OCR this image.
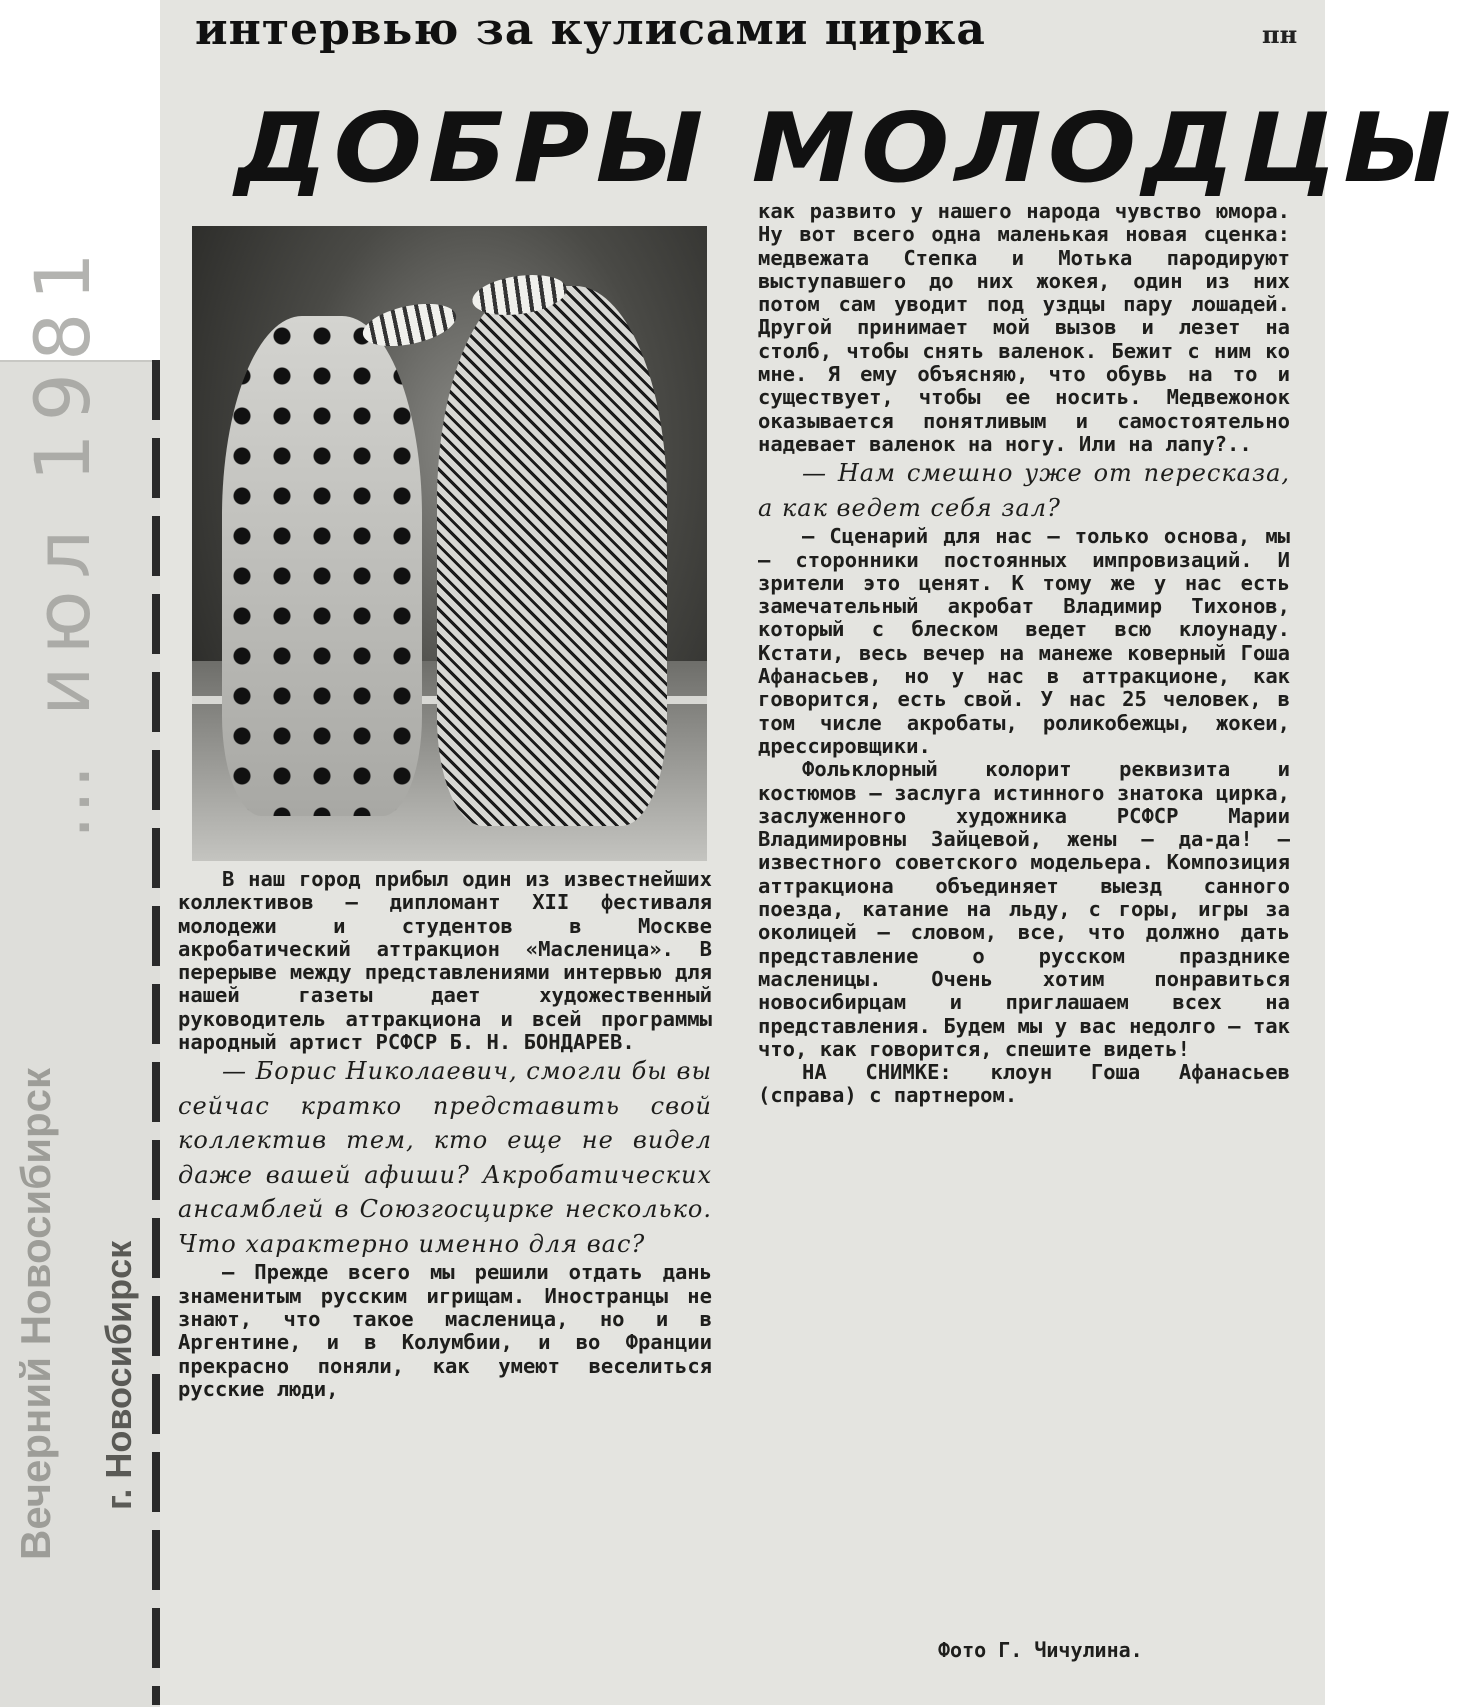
… июл 1981
Вечерний Новосибирск г. Новосибирск
интервью за кулисами цирка	пн
ДОБРЫ МОЛОДЦЫ

В наш город прибыл один из известнейших коллективов — дипломант XII фестиваля молодежи и студентов в Москве акробатический аттракцион «Масленица». В перерыве между представлениями интервью для нашей газеты дает художественный руководитель аттракциона и всей программы народный артист РСФСР Б. Н. БОНДАРЕВ.

— Борис Николаевич, смогли бы вы сейчас кратко представить свой коллектив тем, кто еще не видел даже вашей афиши? Акробатических ансамблей в Союзгосцирке несколько. Что характерно именно для вас?

— Прежде всего мы решили отдать дань знаменитым русским игрищам. Иностранцы не знают, что такое масленица, но и в Аргентине, и в Колумбии, и во Франции прекрасно поняли, как умеют веселиться русские люди,

как развито у нашего народа чувство юмора. Ну вот всего одна маленькая новая сценка: медвежата Степка и Мотька пародируют выступавшего до них жокея, один из них потом сам уводит под уздцы пару лошадей. Другой принимает мой вызов и лезет на столб, чтобы снять валенок. Бежит с ним ко мне. Я ему объясняю, что обувь на то и существует, чтобы ее носить. Медвежонок оказывается понятливым и самостоятельно надевает валенок на ногу. Или на лапу?..

— Нам смешно уже от пересказа, а как ведет себя зал?

— Сценарий для нас — только основа, мы — сторонники постоянных импровизаций. И зрители это ценят. К тому же у нас есть замечательный акробат Владимир Тихонов, который с блеском ведет всю клоунаду. Кстати, весь вечер на манеже коверный Гоша Афанасьев, но у нас в аттракционе, как говорится, есть свой. У нас 25 человек, в том числе акробаты, роликобежцы, жокеи, дрессировщики.

Фольклорный колорит реквизита и костюмов — заслуга истинного знатока цирка, заслуженного художника РСФСР Марии Владимировны Зайцевой, жены — да-да! — известного советского модельера. Композиция аттракциона объединяет выезд санного поезда, катание на льду, с горы, игры за околицей — словом, все, что должно дать представление о русском празднике масленицы. Очень хотим понравиться новосибирцам и приглашаем всех на представления. Будем мы у вас недолго — так что, как говорится, спешите видеть!

НА СНИМКЕ: клоун Гоша Афанасьев (справа) с партнером.

Фото Г. Чичулина.
